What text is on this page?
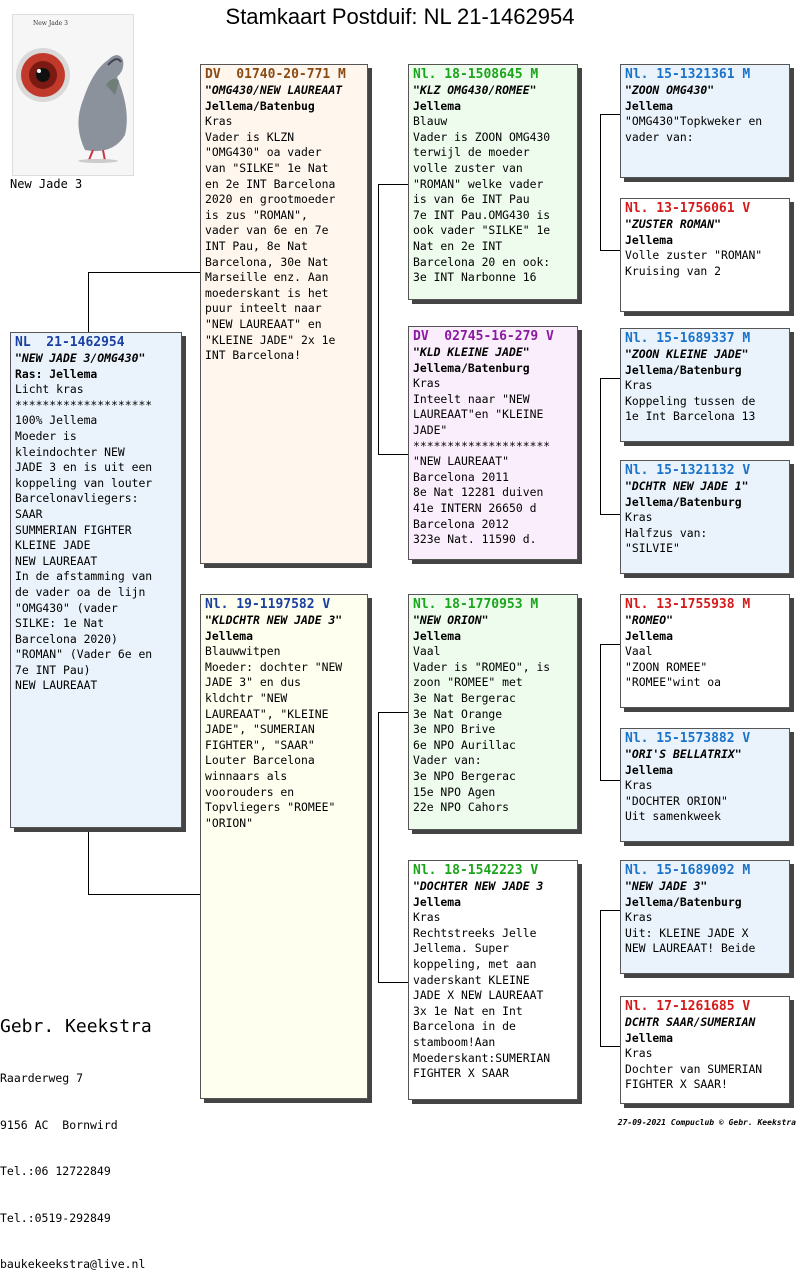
Stamkaart Postduif: NL 21-1462954
New Jade 3
New Jade 3
NL  21-1462954
"NEW JADE 3/OMG430"
Ras: Jellema
Licht kras
********************
100% Jellema
Moeder is
kleindochter NEW
JADE 3 en is uit een
koppeling van louter
Barcelonavliegers:
SAAR
SUMMERIAN FIGHTER
KLEINE JADE
NEW LAUREAAT
In de afstamming van
de vader oa de lijn
"OMG430" (vader
SILKE: 1e Nat
Barcelona 2020)
"ROMAN" (Vader 6e en
7e INT Pau)
NEW LAUREAAT
DV  01740-20-771 M
"OMG430/NEW LAUREAAT
Jellema/Batenbug
Kras
Vader is KLZN
"OMG430" oa vader
van "SILKE" 1e Nat
en 2e INT Barcelona
2020 en grootmoeder
is zus "ROMAN",
vader van 6e en 7e
INT Pau, 8e Nat
Barcelona, 30e Nat
Marseille enz. Aan
moederskant is het
puur inteelt naar
"NEW LAUREAAT" en
"KLEINE JADE" 2x 1e
INT Barcelona!
Nl. 19-1197582 V
"KLDCHTR NEW JADE 3"
Jellema
Blauwwitpen
Moeder: dochter "NEW
JADE 3" en dus
kldchtr "NEW
LAUREAAT", "KLEINE
JADE", "SUMERIAN
FIGHTER", "SAAR"
Louter Barcelona
winnaars als
voorouders en
Topvliegers "ROMEE"
"ORION"
Nl. 18-1508645 M
"KLZ OMG430/ROMEE"
Jellema
Blauw
Vader is ZOON OMG430
terwijl de moeder
volle zuster van
"ROMAN" welke vader
is van 6e INT Pau
7e INT Pau.OMG430 is
ook vader "SILKE" 1e
Nat en 2e INT
Barcelona 20 en ook:
3e INT Narbonne 16
DV  02745-16-279 V
"KLD KLEINE JADE"
Jellema/Batenburg
Kras
Inteelt naar "NEW
LAUREAAT"en "KLEINE
JADE"
********************
"NEW LAUREAAT"
Barcelona 2011
8e Nat 12281 duiven
41e INTERN 26650 d
Barcelona 2012
323e Nat. 11590 d.
Nl. 18-1770953 M
"NEW ORION"
Jellema
Vaal
Vader is "ROMEO", is
zoon "ROMEE" met
3e Nat Bergerac
3e Nat Orange
3e NPO Brive
6e NPO Aurillac
Vader van:
3e NPO Bergerac
15e NPO Agen
22e NPO Cahors
Nl. 18-1542223 V
"DOCHTER NEW JADE 3
Jellema
Kras
Rechtstreeks Jelle
Jellema. Super
koppeling, met aan
vaderskant KLEINE
JADE X NEW LAUREAAT
3x 1e Nat en Int
Barcelona in de
stamboom!Aan
Moederskant:SUMERIAN
FIGHTER X SAAR
Nl. 15-1321361 M
"ZOON OMG430"
Jellema
"OMG430"Topkweker en
vader van:
Nl. 13-1756061 V
"ZUSTER ROMAN"
Jellema
Volle zuster "ROMAN"
Kruising van 2
Nl. 15-1689337 M
"ZOON KLEINE JADE"
Jellema/Batenburg
Kras
Koppeling tussen de
1e Int Barcelona 13
Nl. 15-1321132 V
"DCHTR NEW JADE 1"
Jellema/Batenburg
Kras
Halfzus van:
"SILVIE"
Nl. 13-1755938 M
"ROMEO"
Jellema
Vaal
"ZOON ROMEE"
"ROMEE"wint oa
Nl. 15-1573882 V
"ORI'S BELLATRIX"
Jellema
Kras
"DOCHTER ORION"
Uit samenkweek
Nl. 15-1689092 M
"NEW JADE 3"
Jellema/Batenburg
Kras
Uit: KLEINE JADE X
NEW LAUREAAT! Beide
Nl. 17-1261685 V
DCHTR SAAR/SUMERIAN
Jellema
Kras
Dochter van SUMERIAN
FIGHTER X SAAR!
Gebr. Keekstra

Raarderweg 7

9156 AC  Bornwird

Tel.:06 12722849

Tel.:0519-292849

baukekeekstra@live.nl

27-09-2021 Compuclub © Gebr. Keekstra
